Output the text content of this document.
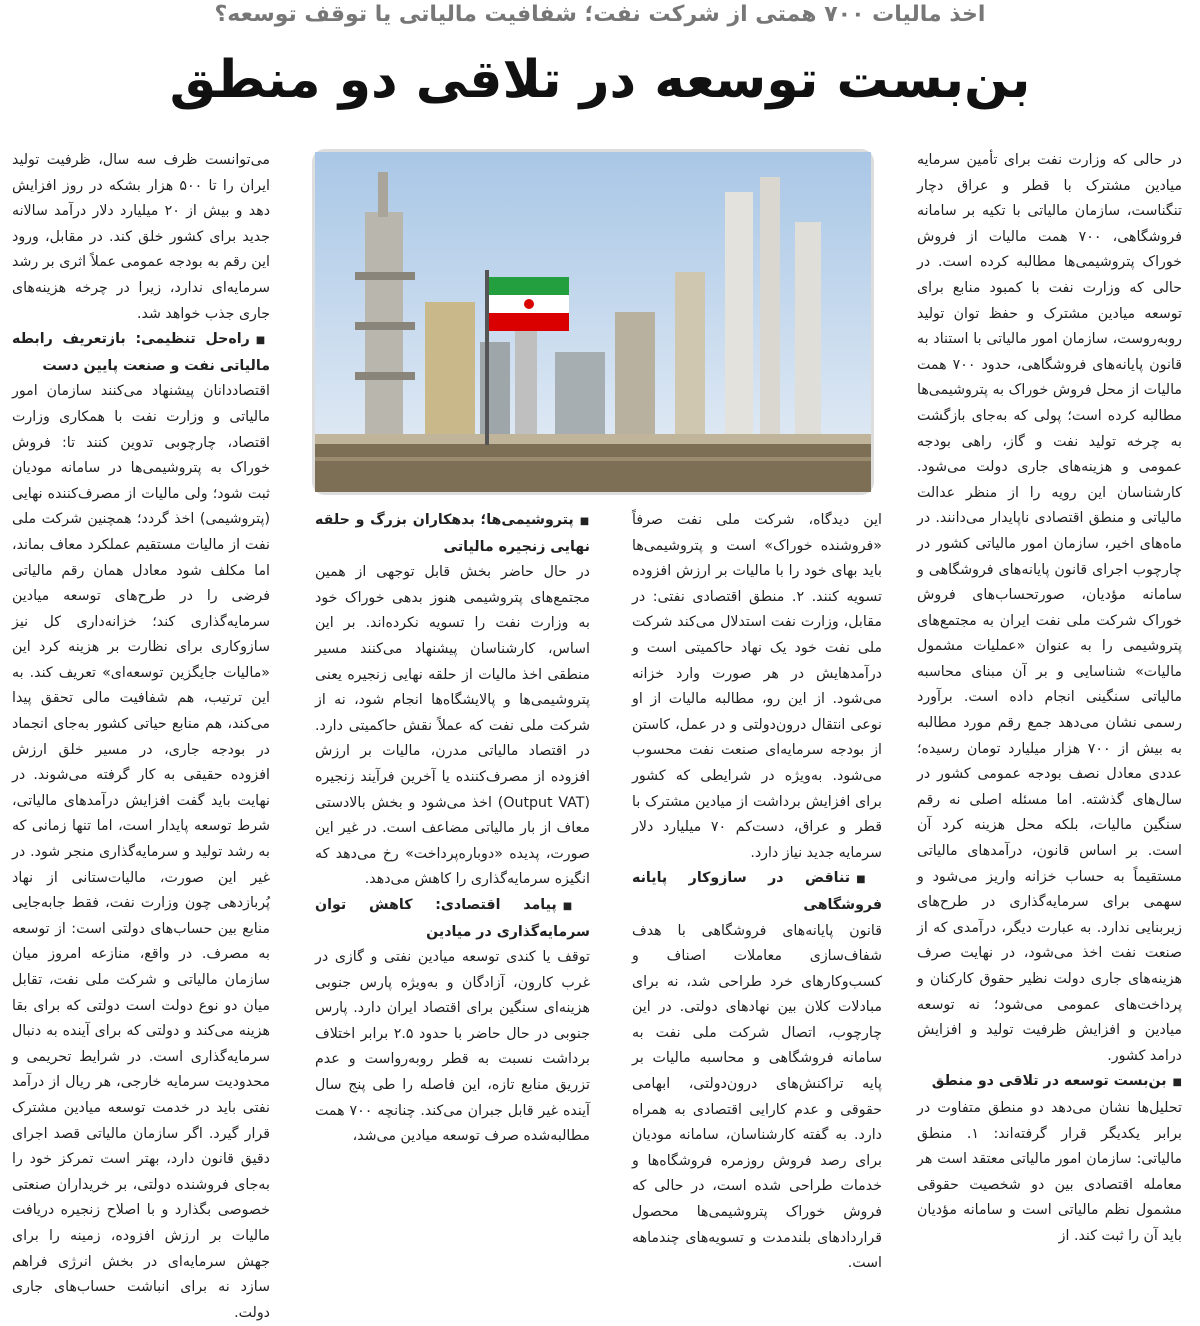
اخذ مالیات ۷۰۰ همتی از شرکت نفت؛ شفافیت مالیاتی یا توقف توسعه؟
بن‌بست توسعه در تلاقی دو منطق

در حالی که وزارت نفت برای تأمین سرمایه میادین مشترک با قطر و عراق دچار تنگناست، سازمان مالیاتی با تکیه بر سامانه فروشگاهی، ۷۰۰ همت مالیات از فروش خوراک پتروشیمی‌ها مطالبه کرده است. در حالی که وزارت نفت با کمبود منابع برای توسعه میادین مشترک و حفظ توان تولید روبه‌روست، سازمان امور مالیاتی با استناد به قانون پایانه‌های فروشگاهی، حدود ۷۰۰ همت مالیات از محل فروش خوراک به پتروشیمی‌ها مطالبه کرده است؛ پولی که به‌جای بازگشت به چرخه تولید نفت و گاز، راهی بودجه عمومی و هزینه‌های جاری دولت می‌شود. کارشناسان این رویه را از منظر عدالت مالیاتی و منطق اقتصادی ناپایدار می‌دانند. در ماه‌های اخیر، سازمان امور مالیاتی کشور در چارچوب اجرای قانون پایانه‌های فروشگاهی و سامانه مؤدیان، صورتحساب‌های فروش خوراک شرکت ملی نفت ایران به مجتمع‌های پتروشیمی را به عنوان «عملیات مشمول مالیات» شناسایی و بر آن مبنای محاسبه مالیاتی سنگینی انجام داده است. برآورد رسمی نشان می‌دهد جمع رقم مورد مطالبه به بیش از ۷۰۰ هزار میلیارد تومان رسیده؛ عددی معادل نصف بودجه عمومی کشور در سال‌های گذشته. اما مسئله اصلی نه رقم سنگین مالیات، بلکه محل هزینه کرد آن است. بر اساس قانون، درآمدهای مالیاتی مستقیماً به حساب خزانه واریز می‌شود و سهمی برای سرمایه‌گذاری در طرح‌های زیربنایی ندارد. به عبارت دیگر، درآمدی که از صنعت نفت اخذ می‌شود، در نهایت صرف هزینه‌های جاری دولت نظیر حقوق کارکنان و پرداخت‌های عمومی می‌شود؛ نه توسعه میادین و افزایش ظرفیت تولید و افزایش درامد کشور.

■بن‌بست توسعه در تلاقی دو منطق

تحلیل‌ها نشان می‌دهد دو منطق متفاوت در برابر یکدیگر قرار گرفته‌اند: ۱. منطق مالیاتی: سازمان امور مالیاتی معتقد است هر معامله اقتصادی بین دو شخصیت حقوقی مشمول نظم مالیاتی است و سامانه مؤدیان باید آن را ثبت کند. از

این دیدگاه، شرکت ملی نفت صرفاً «فروشنده خوراک» است و پتروشیمی‌ها باید بهای خود را با مالیات بر ارزش افزوده تسویه کنند. ۲. منطق اقتصادی نفتی: در مقابل، وزارت نفت استدلال می‌کند شرکت ملی نفت خود یک نهاد حاکمیتی است و درآمدهایش در هر صورت وارد خزانه می‌شود. از این رو، مطالبه مالیات از او نوعی انتقال درون‌دولتی و در عمل، کاستن از بودجه سرمایه‌ای صنعت نفت محسوب می‌شود. به‌ویژه در شرایطی که کشور برای افزایش برداشت از میادین مشترک با قطر و عراق، دست‌کم ۷۰ میلیارد دلار سرمایه جدید نیاز دارد.

■تناقض در سازوکار پایانه فروشگاهی

قانون پایانه‌های فروشگاهی با هدف شفاف‌سازی معاملات اصناف و کسب‌وکارهای خرد طراحی شد، نه برای مبادلات کلان بین نهادهای دولتی. در این چارچوب، اتصال شرکت ملی نفت به سامانه فروشگاهی و محاسبه مالیات بر پایه تراکنش‌های درون‌دولتی، ابهامی حقوقی و عدم کارایی اقتصادی به همراه دارد. به گفته کارشناسان، سامانه مودیان برای رصد فروش روزمره فروشگاه‌ها و خدمات طراحی شده است، در حالی که فروش خوراک پتروشیمی‌ها محصول قراردادهای بلندمدت و تسویه‌های چندماهه است.

■پتروشیمی‌ها؛ بدهکاران بزرگ و حلقه نهایی زنجیره مالیاتی

در حال حاضر بخش قابل توجهی از همین مجتمع‌های پتروشیمی هنوز بدهی خوراک خود به وزارت نفت را تسویه نکرده‌اند. بر این اساس، کارشناسان پیشنهاد می‌کنند مسیر منطقی اخذ مالیات از حلقه نهایی زنجیره یعنی پتروشیمی‌ها و پالایشگاه‌ها انجام شود، نه از شرکت ملی نفت که عملاً نقش حاکمیتی دارد. در اقتصاد مالیاتی مدرن، مالیات بر ارزش افزوده از مصرف‌کننده یا آخرین فرآیند زنجیره (Output VAT) اخذ می‌شود و بخش بالادستی معاف از بار مالیاتی مضاعف است. در غیر این صورت، پدیده «دوباره‌پرداخت» رخ می‌دهد که انگیزه سرمایه‌گذاری را کاهش می‌دهد.

■پیامد اقتصادی: کاهش توان سرمایه‌گذاری در میادین

توقف یا کندی توسعه میادین نفتی و گازی در غرب کارون، آزادگان و به‌ویژه پارس جنوبی هزینه‌ای سنگین برای اقتصاد ایران دارد. پارس جنوبی در حال حاضر با حدود ۲.۵ برابر اختلاف برداشت نسبت به قطر روبه‌رواست و عدم تزریق منابع تازه، این فاصله را طی پنج سال آینده غیر قابل جبران می‌کند. چنانچه ۷۰۰ همت مطالبه‌شده صرف توسعه میادین می‌شد،

می‌توانست ظرف سه سال، ظرفیت تولید ایران را تا ۵۰۰ هزار بشکه در روز افزایش دهد و بیش از ۲۰ میلیارد دلار درآمد سالانه جدید برای کشور خلق کند. در مقابل، ورود این رقم به بودجه عمومی عملاً اثری بر رشد سرمایه‌ای ندارد، زیرا در چرخه هزینه‌های جاری جذب خواهد شد.

■راه‌حل تنظیمی: بازتعریف رابطه مالیاتی نفت و صنعت پایین دست

اقتصاددانان پیشنهاد می‌کنند سازمان امور مالیاتی و وزارت نفت با همکاری وزارت اقتصاد، چارچوبی تدوین کنند تا: فروش خوراک به پتروشیمی‌ها در سامانه مودیان ثبت شود؛ ولی مالیات از مصرف‌کننده نهایی (پتروشیمی) اخذ گردد؛ همچنین شرکت ملی نفت از مالیات مستقیم عملکرد معاف بماند، اما مکلف شود معادل همان رقم مالیاتی فرضی را در طرح‌های توسعه میادین سرمایه‌گذاری کند؛ خزانه‌داری کل نیز سازوکاری برای نظارت بر هزینه کرد این «مالیات جایگزین توسعه‌ای» تعریف کند. به این ترتیب، هم شفافیت مالی تحقق پیدا می‌کند، هم منابع حیاتی کشور به‌جای انجماد در بودجه جاری، در مسیر خلق ارزش افزوده حقیقی به کار گرفته می‌شوند. در نهایت باید گفت افزایش درآمدهای مالیاتی، شرط توسعه پایدار است، اما تنها زمانی که به رشد تولید و سرمایه‌گذاری منجر شود. در غیر این صورت، مالیات‌ستانی از نهاد پُربازدهی چون وزارت نفت، فقط جابه‌جایی منابع بین حساب‌های دولتی است: از توسعه به مصرف. در واقع، منازعه امروز میان سازمان مالیاتی و شرکت ملی نفت، تقابل میان دو نوع دولت است دولتی که برای بقا هزینه می‌کند و دولتی که برای آینده به دنبال سرمایه‌گذاری است. در شرایط تحریمی و محدودیت سرمایه خارجی، هر ریال از درآمد نفتی باید در خدمت توسعه میادین مشترک قرار گیرد. اگر سازمان مالیاتی قصد اجرای دقیق قانون دارد، بهتر است تمرکز خود را به‌جای فروشنده دولتی، بر خریداران صنعتی خصوصی بگذارد و با اصلاح زنجیره دریافت مالیات بر ارزش افزوده، زمینه را برای جهش سرمایه‌ای در بخش انرژی فراهم سازد نه برای انباشت حساب‌های جاری دولت.
